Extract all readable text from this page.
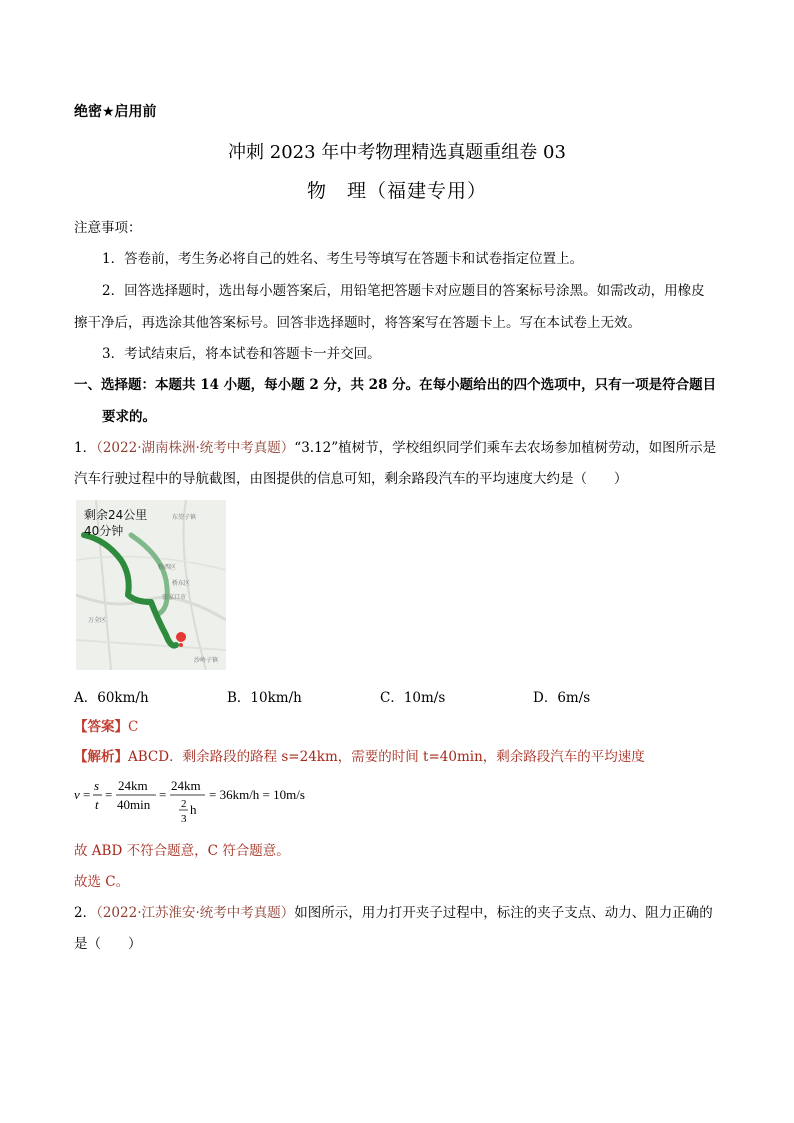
绝密★启用前
冲刺 2023 年中考物理精选真题重组卷 03
物　理（福建专用）
注意事项：
1．答卷前，考生务必将自己的姓名、考生号等填写在答题卡和试卷指定位置上。
2．回答选择题时，选出每小题答案后，用铅笔把答题卡对应题目的答案标号涂黑。如需改动，用橡皮
擦干净后，再选涂其他答案标号。回答非选择题时，将答案写在答题卡上。写在本试卷上无效。
3．考试结束后，将本试卷和答题卡一并交回。
一、选择题：本题共 14 小题，每小题 2 分，共 28 分。在每小题给出的四个选项中，只有一项是符合题目
要求的。
1．（2022·湖南株洲·统考中考真题）“3.12”植树节，学校组织同学们乘车去农场参加植树劳动，如图所示是
汽车行驶过程中的导航截图，由图提供的信息可知，剩余路段汽车的平均速度大约是（　　）
剩余24公里
40分钟
万全区
张家口市
桥西区
桥东区
东望子镇
沙岭子镇
A．60km/h	B．10km/h	C．10m/s	D．6m/s
【答案】C
【解析】ABCD．剩余路段的路程 s=24km，需要的时间 t=40min，剩余路段汽车的平均速度
v =
s
t
=
24km
40min
=
24km
2
3
h
= 36km/h = 10m/s
故 ABD 不符合题意，C 符合题意。
故选 C。
2．（2022·江苏淮安·统考中考真题）如图所示，用力打开夹子过程中，标注的夹子支点、动力、阻力正确的
是（　　）
